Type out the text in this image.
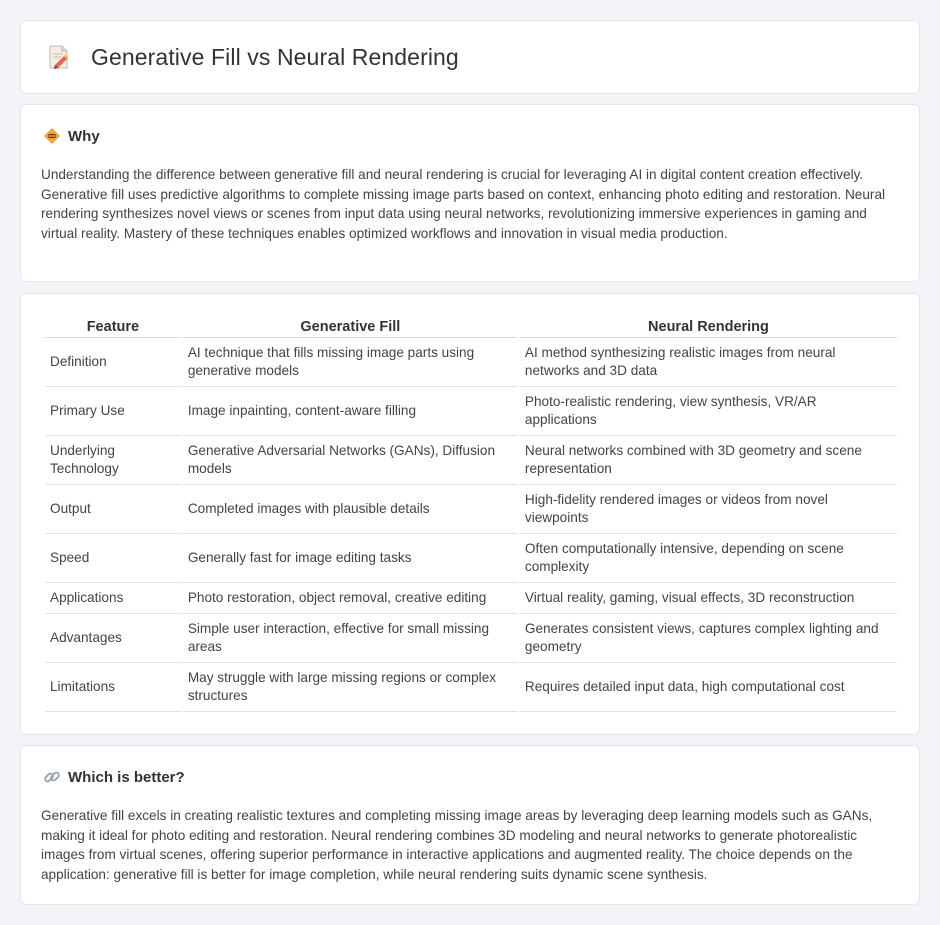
Generative Fill vs Neural Rendering
Why

Understanding the difference between generative fill and neural rendering is crucial for leveraging AI in digital content creation effectively. Generative fill uses predictive algorithms to complete missing image parts based on context, enhancing photo editing and restoration. Neural rendering synthesizes novel views or scenes from input data using neural networks, revolutionizing immersive experiences in gaming and virtual reality. Mastery of these techniques enables optimized workflows and innovation in visual media production.

Feature	Generative Fill	Neural Rendering
Definition	AI technique that fills missing image parts using generative models	AI method synthesizing realistic images from neural networks and 3D data
Primary Use	Image inpainting, content-aware filling	Photo-realistic rendering, view synthesis, VR/AR applications
Underlying Technology	Generative Adversarial Networks (GANs), Diffusion models	Neural networks combined with 3D geometry and scene representation
Output	Completed images with plausible details	High-fidelity rendered images or videos from novel viewpoints
Speed	Generally fast for image editing tasks	Often computationally intensive, depending on scene complexity
Applications	Photo restoration, object removal, creative editing	Virtual reality, gaming, visual effects, 3D reconstruction
Advantages	Simple user interaction, effective for small missing areas	Generates consistent views, captures complex lighting and geometry
Limitations	May struggle with large missing regions or complex structures	Requires detailed input data, high computational cost
Which is better?

Generative fill excels in creating realistic textures and completing missing image areas by leveraging deep learning models such as GANs, making it ideal for photo editing and restoration. Neural rendering combines 3D modeling and neural networks to generate photorealistic images from virtual scenes, offering superior performance in interactive applications and augmented reality. The choice depends on the application: generative fill is better for image completion, while neural rendering suits dynamic scene synthesis.
